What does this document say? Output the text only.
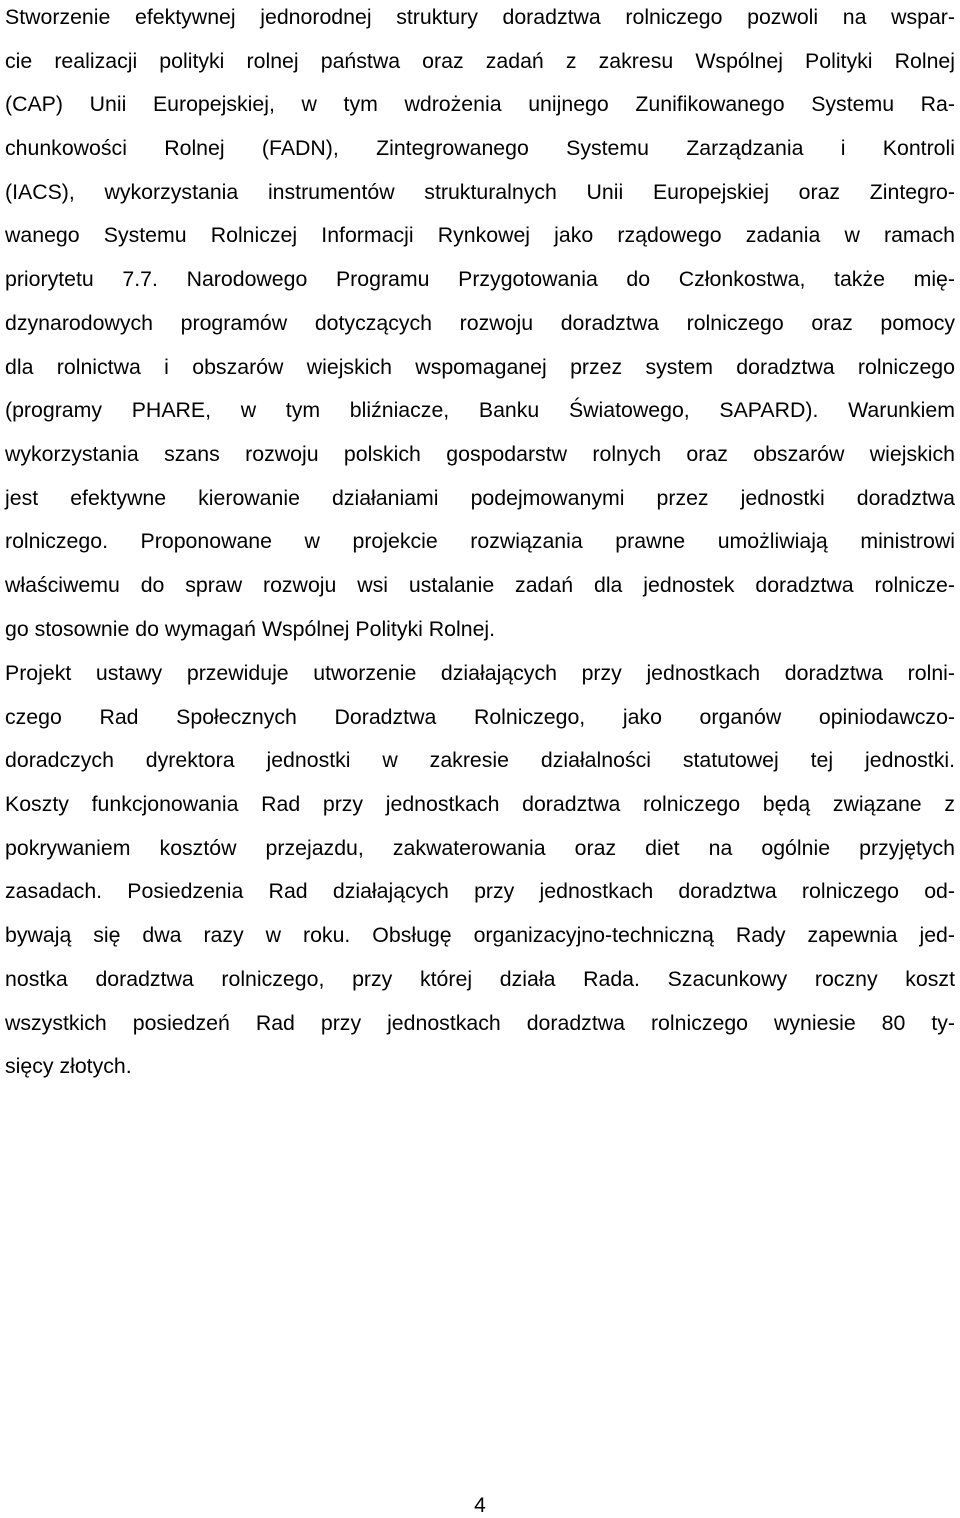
Stworzenie efektywnej jednorodnej struktury doradztwa rolniczego pozwoli na wspar-
cie realizacji polityki rolnej państwa oraz zadań z zakresu Wspólnej Polityki Rolnej
(CAP) Unii Europejskiej, w tym wdrożenia unijnego Zunifikowanego Systemu Ra-
chunkowości Rolnej (FADN), Zintegrowanego Systemu Zarządzania i Kontroli
(IACS), wykorzystania instrumentów strukturalnych Unii Europejskiej oraz Zintegro-
wanego Systemu Rolniczej Informacji Rynkowej jako rządowego zadania w ramach
priorytetu 7.7. Narodowego Programu Przygotowania do Członkostwa, także mię-
dzynarodowych programów dotyczących rozwoju doradztwa rolniczego oraz pomocy
dla rolnictwa i obszarów wiejskich wspomaganej przez system doradztwa rolniczego
(programy PHARE, w tym bliźniacze, Banku Światowego, SAPARD). Warunkiem
wykorzystania szans rozwoju polskich gospodarstw rolnych oraz obszarów wiejskich
jest efektywne kierowanie działaniami podejmowanymi przez jednostki doradztwa
rolniczego. Proponowane w projekcie rozwiązania prawne umożliwiają ministrowi
właściwemu do spraw rozwoju wsi ustalanie zadań dla jednostek doradztwa rolnicze-
go stosownie do wymagań Wspólnej Polityki Rolnej.
Projekt ustawy przewiduje utworzenie działających przy jednostkach doradztwa rolni-
czego Rad Społecznych Doradztwa Rolniczego, jako organów opiniodawczo-
doradczych dyrektora jednostki w zakresie działalności statutowej tej jednostki.
Koszty funkcjonowania Rad przy jednostkach doradztwa rolniczego będą związane z
pokrywaniem kosztów przejazdu, zakwaterowania oraz diet na ogólnie przyjętych
zasadach. Posiedzenia Rad działających przy jednostkach doradztwa rolniczego od-
bywają się dwa razy w roku. Obsługę organizacyjno-techniczną Rady zapewnia jed-
nostka doradztwa rolniczego, przy której działa Rada. Szacunkowy roczny koszt
wszystkich posiedzeń Rad przy jednostkach doradztwa rolniczego wyniesie 80 ty-
sięcy złotych.
4
